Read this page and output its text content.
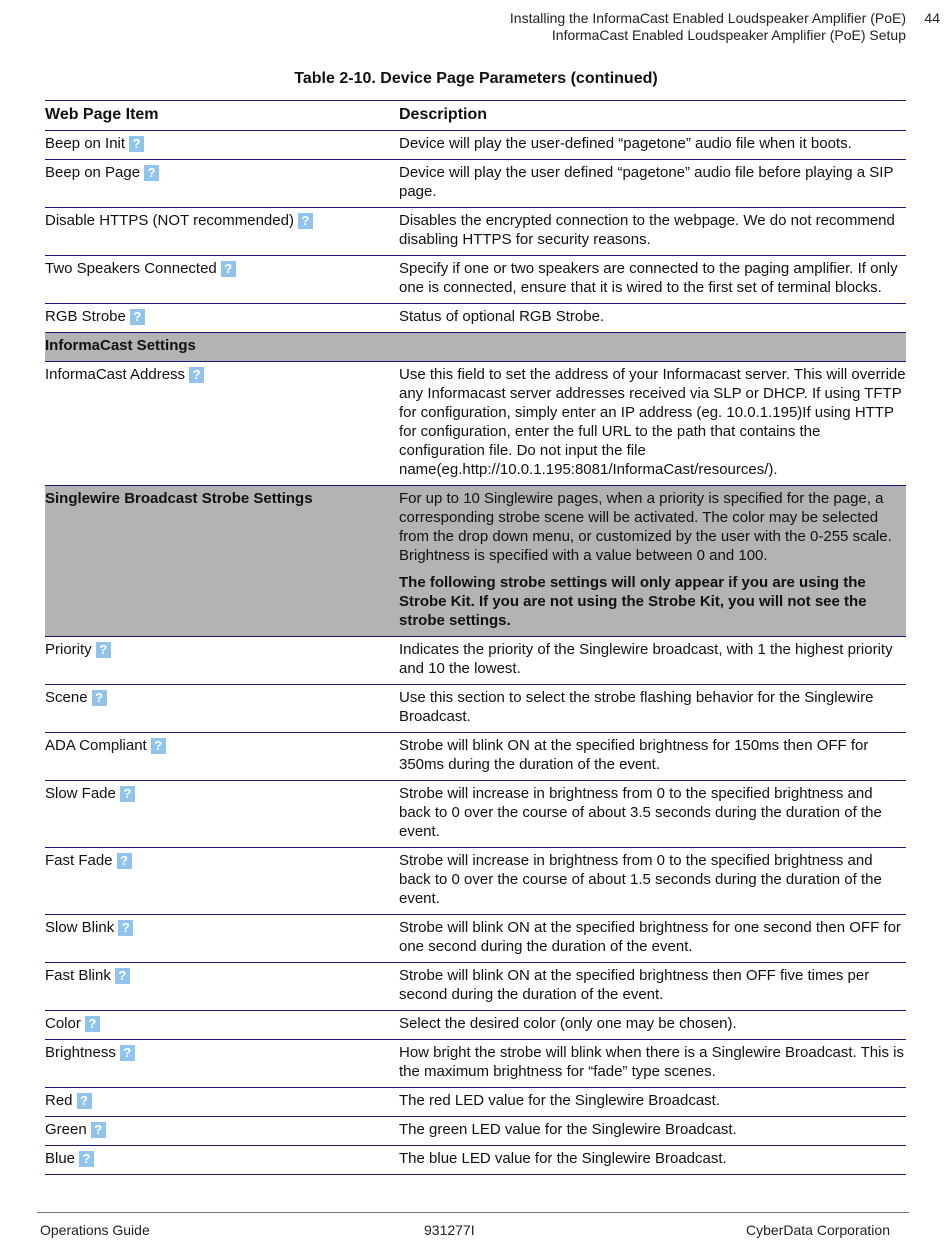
Installing the InformaCast Enabled Loudspeaker Amplifier (PoE)
InformaCast Enabled Loudspeaker Amplifier (PoE) Setup
44
Table 2-10. Device Page Parameters (continued)
Web Page Item	Description
Beep on Init ?	Device will play the user-defined “pagetone” audio file when it boots.
Beep on Page ?	Device will play the user defined “pagetone” audio file before playing a SIP page.
Disable HTTPS (NOT recommended) ?	Disables the encrypted connection to the webpage. We do not recommend disabling HTTPS for security reasons.
Two Speakers Connected ?	Specify if one or two speakers are connected to the paging amplifier. If only one is connected, ensure that it is wired to the first set of terminal blocks.
RGB Strobe ?	Status of optional RGB Strobe.
InformaCast Settings	
InformaCast Address ?	Use this field to set the address of your Informacast server. This will override any Informacast server addresses received via SLP or DHCP. If using TFTP for configuration, simply enter an IP address (eg. 10.0.1.195)If using HTTP for configuration, enter the full URL to the path that contains the configuration file. Do not input the file name(eg.http://10.0.1.195:8081/InformaCast/resources/).
Singlewire Broadcast Strobe Settings	For up to 10 Singlewire pages, when a priority is specified for the page, a corresponding strobe scene will be activated. The color may be selected from the drop down menu, or customized by the user with the 0-255 scale. Brightness is specified with a value between 0 and 100.
The following strobe settings will only appear if you are using the Strobe Kit. If you are not using the Strobe Kit, you will not see the strobe settings.

Priority ?	Indicates the priority of the Singlewire broadcast, with 1 the highest priority and 10 the lowest.
Scene ?	Use this section to select the strobe flashing behavior for the Singlewire Broadcast.
ADA Compliant ?	Strobe will blink ON at the specified brightness for 150ms then OFF for 350ms during the duration of the event.
Slow Fade ?	Strobe will increase in brightness from 0 to the specified brightness and back to 0 over the course of about 3.5 seconds during the duration of the event.
Fast Fade ?	Strobe will increase in brightness from 0 to the specified brightness and back to 0 over the course of about 1.5 seconds during the duration of the event.
Slow Blink ?	Strobe will blink ON at the specified brightness for one second then OFF for one second during the duration of the event.
Fast Blink ?	Strobe will blink ON at the specified brightness then OFF five times per second during the duration of the event.
Color ?	Select the desired color (only one may be chosen).
Brightness ?	How bright the strobe will blink when there is a Singlewire Broadcast. This is the maximum brightness for “fade” type scenes.
Red ?	The red LED value for the Singlewire Broadcast.
Green ?	The green LED value for the Singlewire Broadcast.
Blue ?	The blue LED value for the Singlewire Broadcast.
Operations Guide	931277I	CyberData Corporation
